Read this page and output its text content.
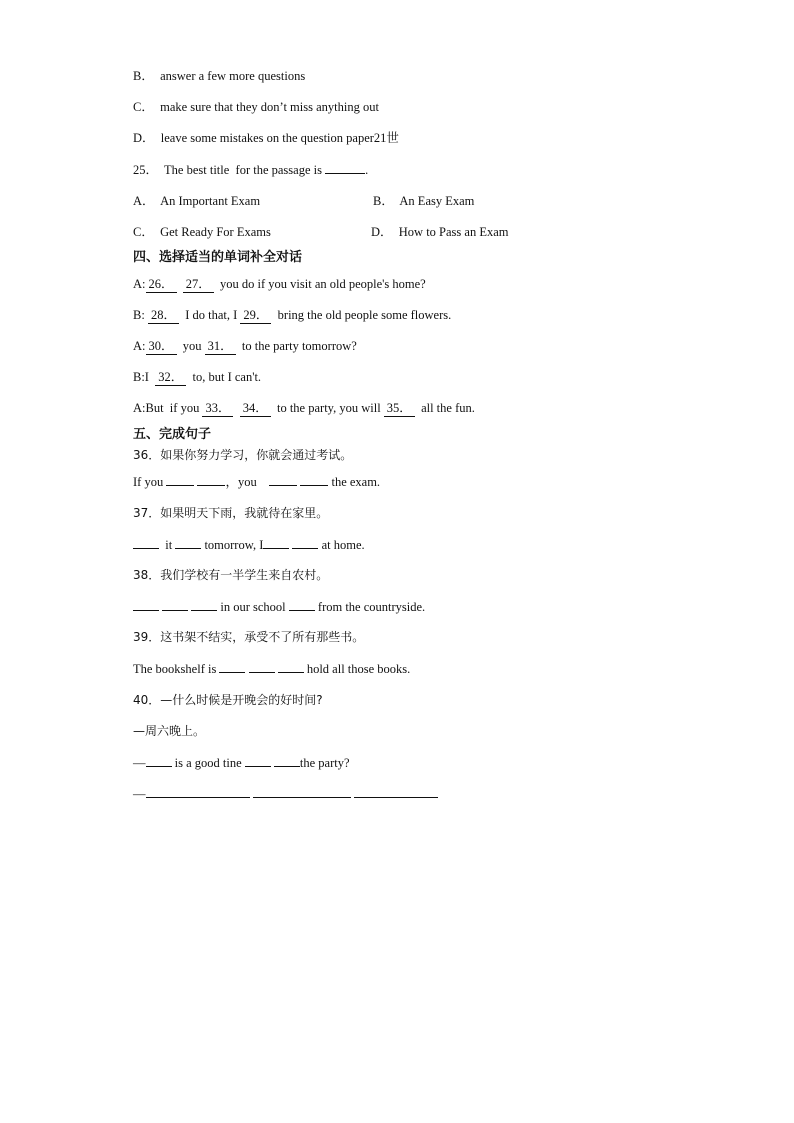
B． answer a few more questions
C． make sure that they don’t miss anything out
D． leave some mistakes on the question paper21世
25．  The best title  for the passage is	.
A． An Important Exam	B． An Easy Exam
C． Get Ready For Exams	D． How to Pass an Exam
四、选择适当的单词补全对话
A: 26． 27． you do if you visit an old people's home?
B: 28． I do that, I 29． bring the old people some flowers.
A: 30． you 31． to the party tomorrow?
B:I 32． to, but I can't.
A:But  if you 33． 34． to the party, you will 35． all the fun.
五、完成句子
36．如果你努力学习，你就会通过考试。
If you	，you	the exam.
37．如果明天下雨，我就待在家里。
it	tomorrow, I	at home.
38．我们学校有一半学生来自农村。
in our school	from the countryside.
39．这书架不结实，承受不了所有那些书。
The bookshelf is	hold all those books.
40．—什么时候是开晚会的好时间?
—周六晚上。
— is a good tine	the party?
—
